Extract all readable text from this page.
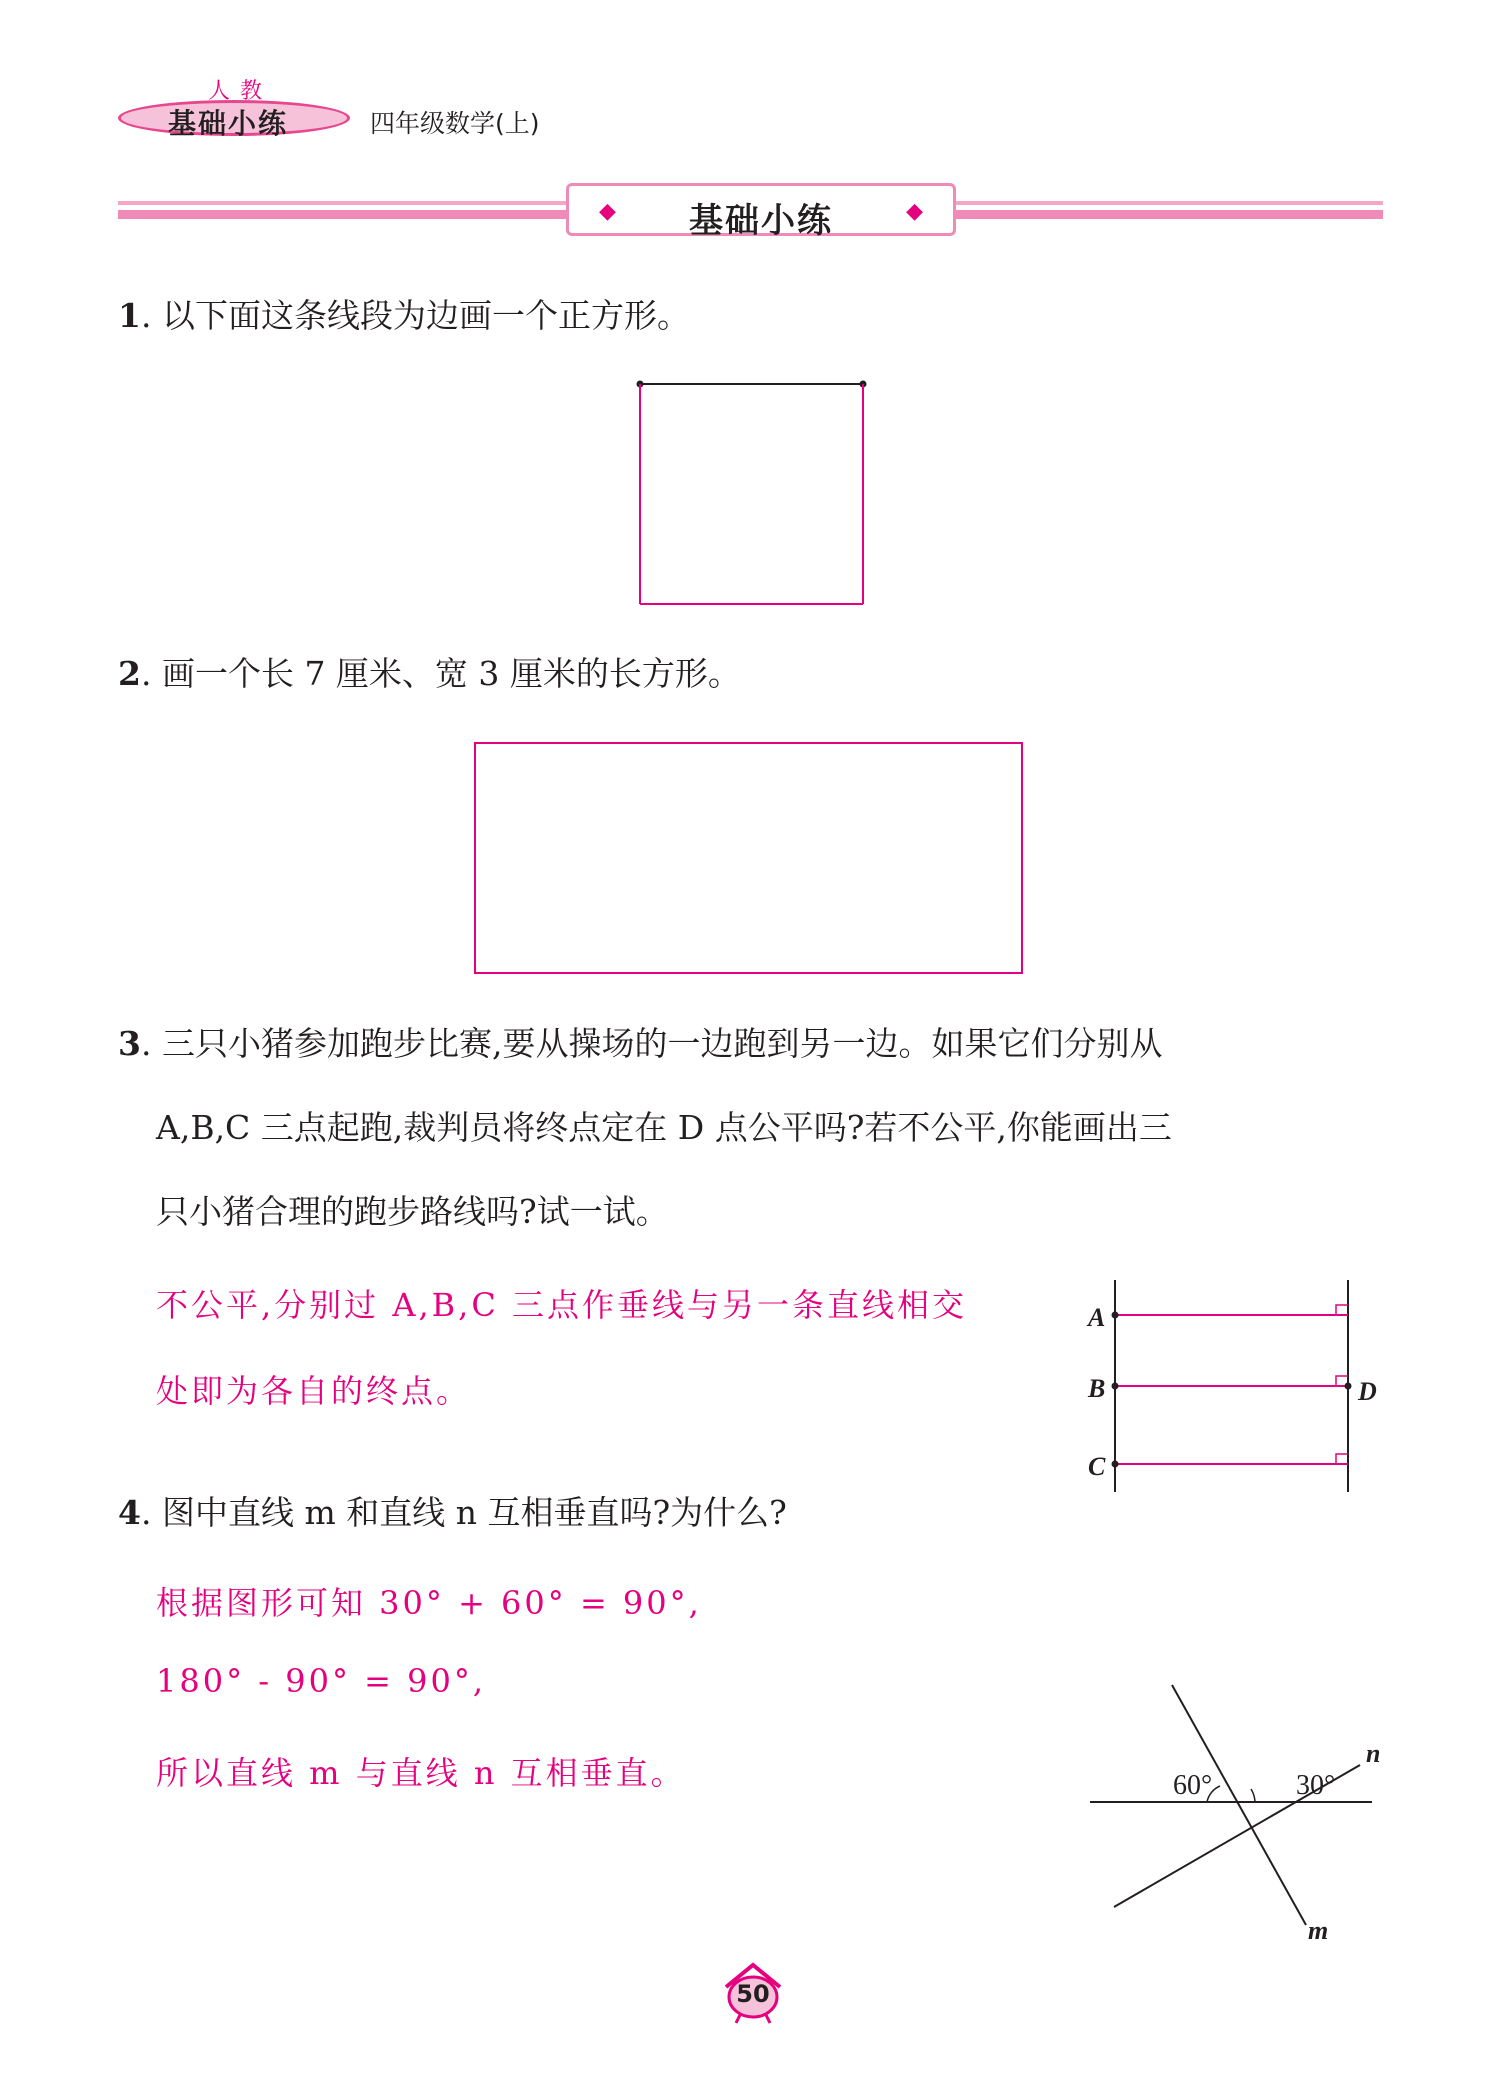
人教
基础小练	四年级数学(上)
◆	基础小练	◆
1. 以下面这条线段为边画一个正方形。
2. 画一个长 7 厘米、宽 3 厘米的长方形。
3. 三只小猪参加跑步比赛,要从操场的一边跑到另一边。如果它们分别从
A,B,C 三点起跑,裁判员将终点定在 D 点公平吗?若不公平,你能画出三
只小猪合理的跑步路线吗?试一试。
不公平,分别过 A,B,C 三点作垂线与另一条直线相交
处即为各自的终点。
A
B
C
D
4. 图中直线 m 和直线 n 互相垂直吗?为什么?
根据图形可知 30° + 60° = 90°,
180° - 90° = 90°,
所以直线 m 与直线 n 互相垂直。	60°	30°
n
m
50
